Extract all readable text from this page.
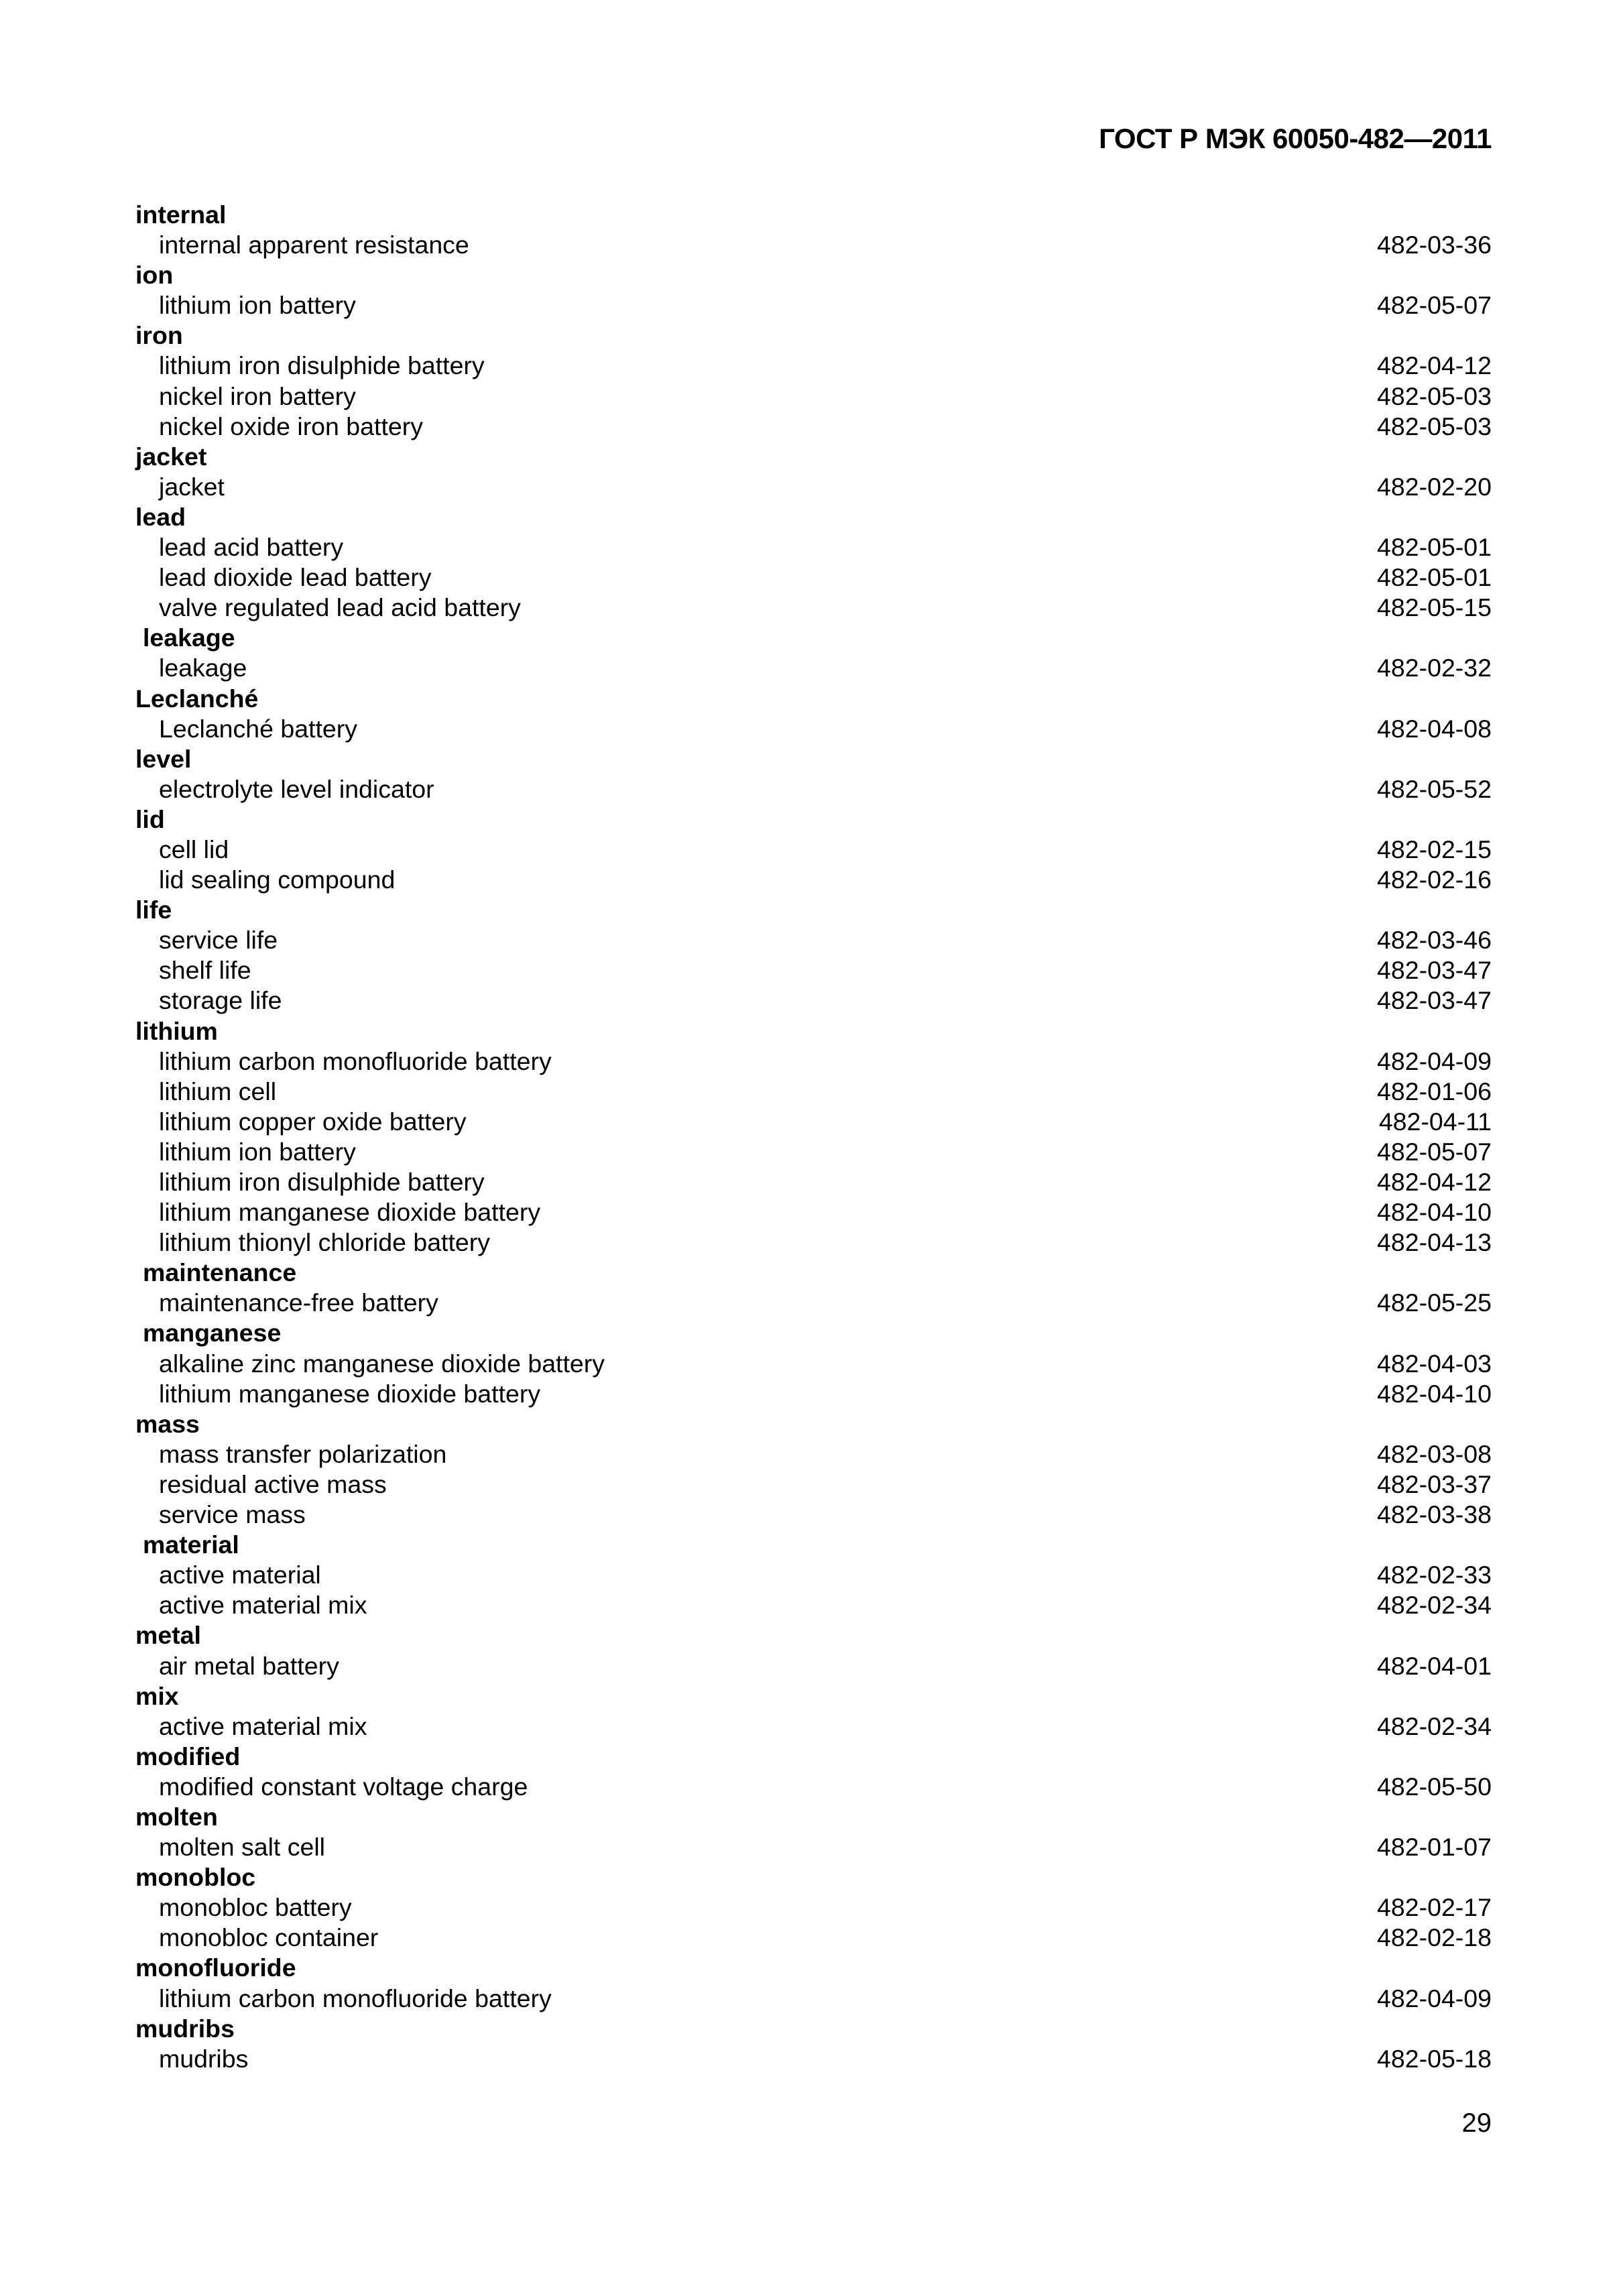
ГОСТ Р МЭК 60050-482—2011
internal
internal apparent resistance	482-03-36
ion
lithium ion battery	482-05-07
iron
lithium iron disulphide battery	482-04-12
nickel iron battery	482-05-03
nickel oxide iron battery	482-05-03
jacket
jacket	482-02-20
lead
lead acid battery	482-05-01
lead dioxide lead battery	482-05-01
valve regulated lead acid battery	482-05-15
leakage
leakage	482-02-32
Leclanché
Leclanché battery	482-04-08
level
electrolyte level indicator	482-05-52
lid
cell lid	482-02-15
lid sealing compound	482-02-16
life
service life	482-03-46
shelf life	482-03-47
storage life	482-03-47
lithium
lithium carbon monofluoride battery	482-04-09
lithium cell	482-01-06
lithium copper oxide battery	482-04-11
lithium ion battery	482-05-07
lithium iron disulphide battery	482-04-12
lithium manganese dioxide battery	482-04-10
lithium thionyl chloride battery	482-04-13
maintenance
maintenance-free battery	482-05-25
manganese
alkaline zinc manganese dioxide battery	482-04-03
lithium manganese dioxide battery	482-04-10
mass
mass transfer polarization	482-03-08
residual active mass	482-03-37
service mass	482-03-38
material
active material	482-02-33
active material mix	482-02-34
metal
air metal battery	482-04-01
mix
active material mix	482-02-34
modified
modified constant voltage charge	482-05-50
molten
molten salt cell	482-01-07
monobloc
monobloc battery	482-02-17
monobloc container	482-02-18
monofluoride
lithium carbon monofluoride battery	482-04-09
mudribs
mudribs	482-05-18
29
